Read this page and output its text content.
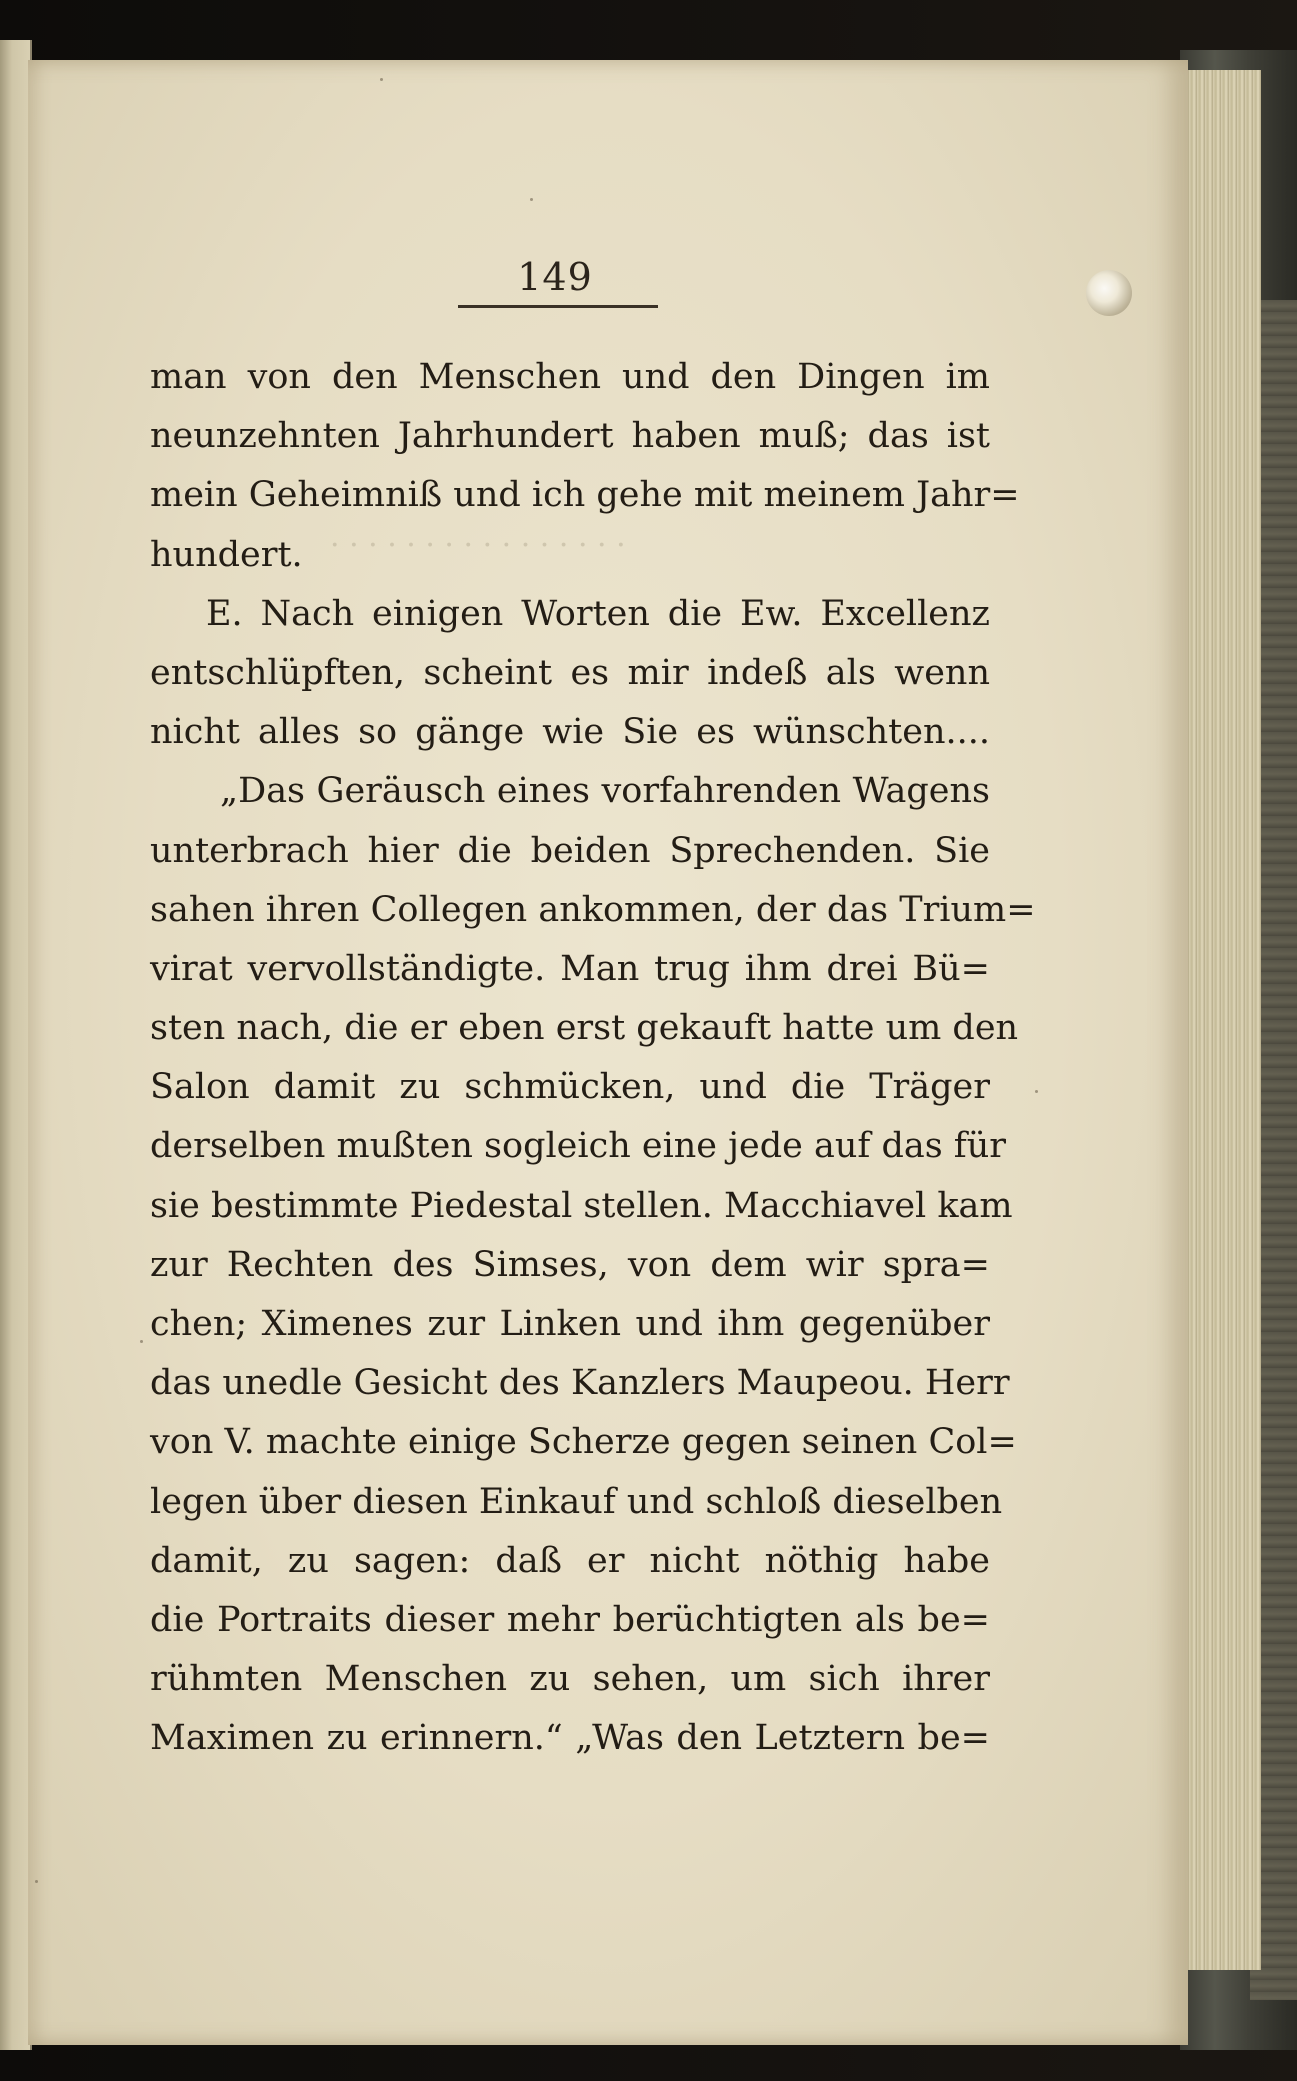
· · · · · · · · · · · · · · · ·
149
man von den Menschen und den Dingen im
neunzehnten Jahrhundert haben muß; das ist
mein Geheimniß und ich gehe mit meinem Jahr=
hundert.
E. Nach einigen Worten die Ew. Excellenz
entschlüpften, scheint es mir indeß als wenn
nicht alles so gänge wie Sie es wünschten....
„Das Geräusch eines vorfahrenden Wagens
unterbrach hier die beiden Sprechenden. Sie
sahen ihren Collegen ankommen, der das Trium=
virat vervollständigte. Man trug ihm drei Bü=
sten nach, die er eben erst gekauft hatte um den
Salon damit zu schmücken, und die Träger
derselben mußten sogleich eine jede auf das für
sie bestimmte Piedestal stellen. Macchiavel kam
zur Rechten des Simses, von dem wir spra=
chen; Ximenes zur Linken und ihm gegenüber
das unedle Gesicht des Kanzlers Maupeou. Herr
von V. machte einige Scherze gegen seinen Col=
legen über diesen Einkauf und schloß dieselben
damit, zu sagen: daß er nicht nöthig habe
die Portraits dieser mehr berüchtigten als be=
rühmten Menschen zu sehen, um sich ihrer
Maximen zu erinnern.“ „Was den Letztern be=
